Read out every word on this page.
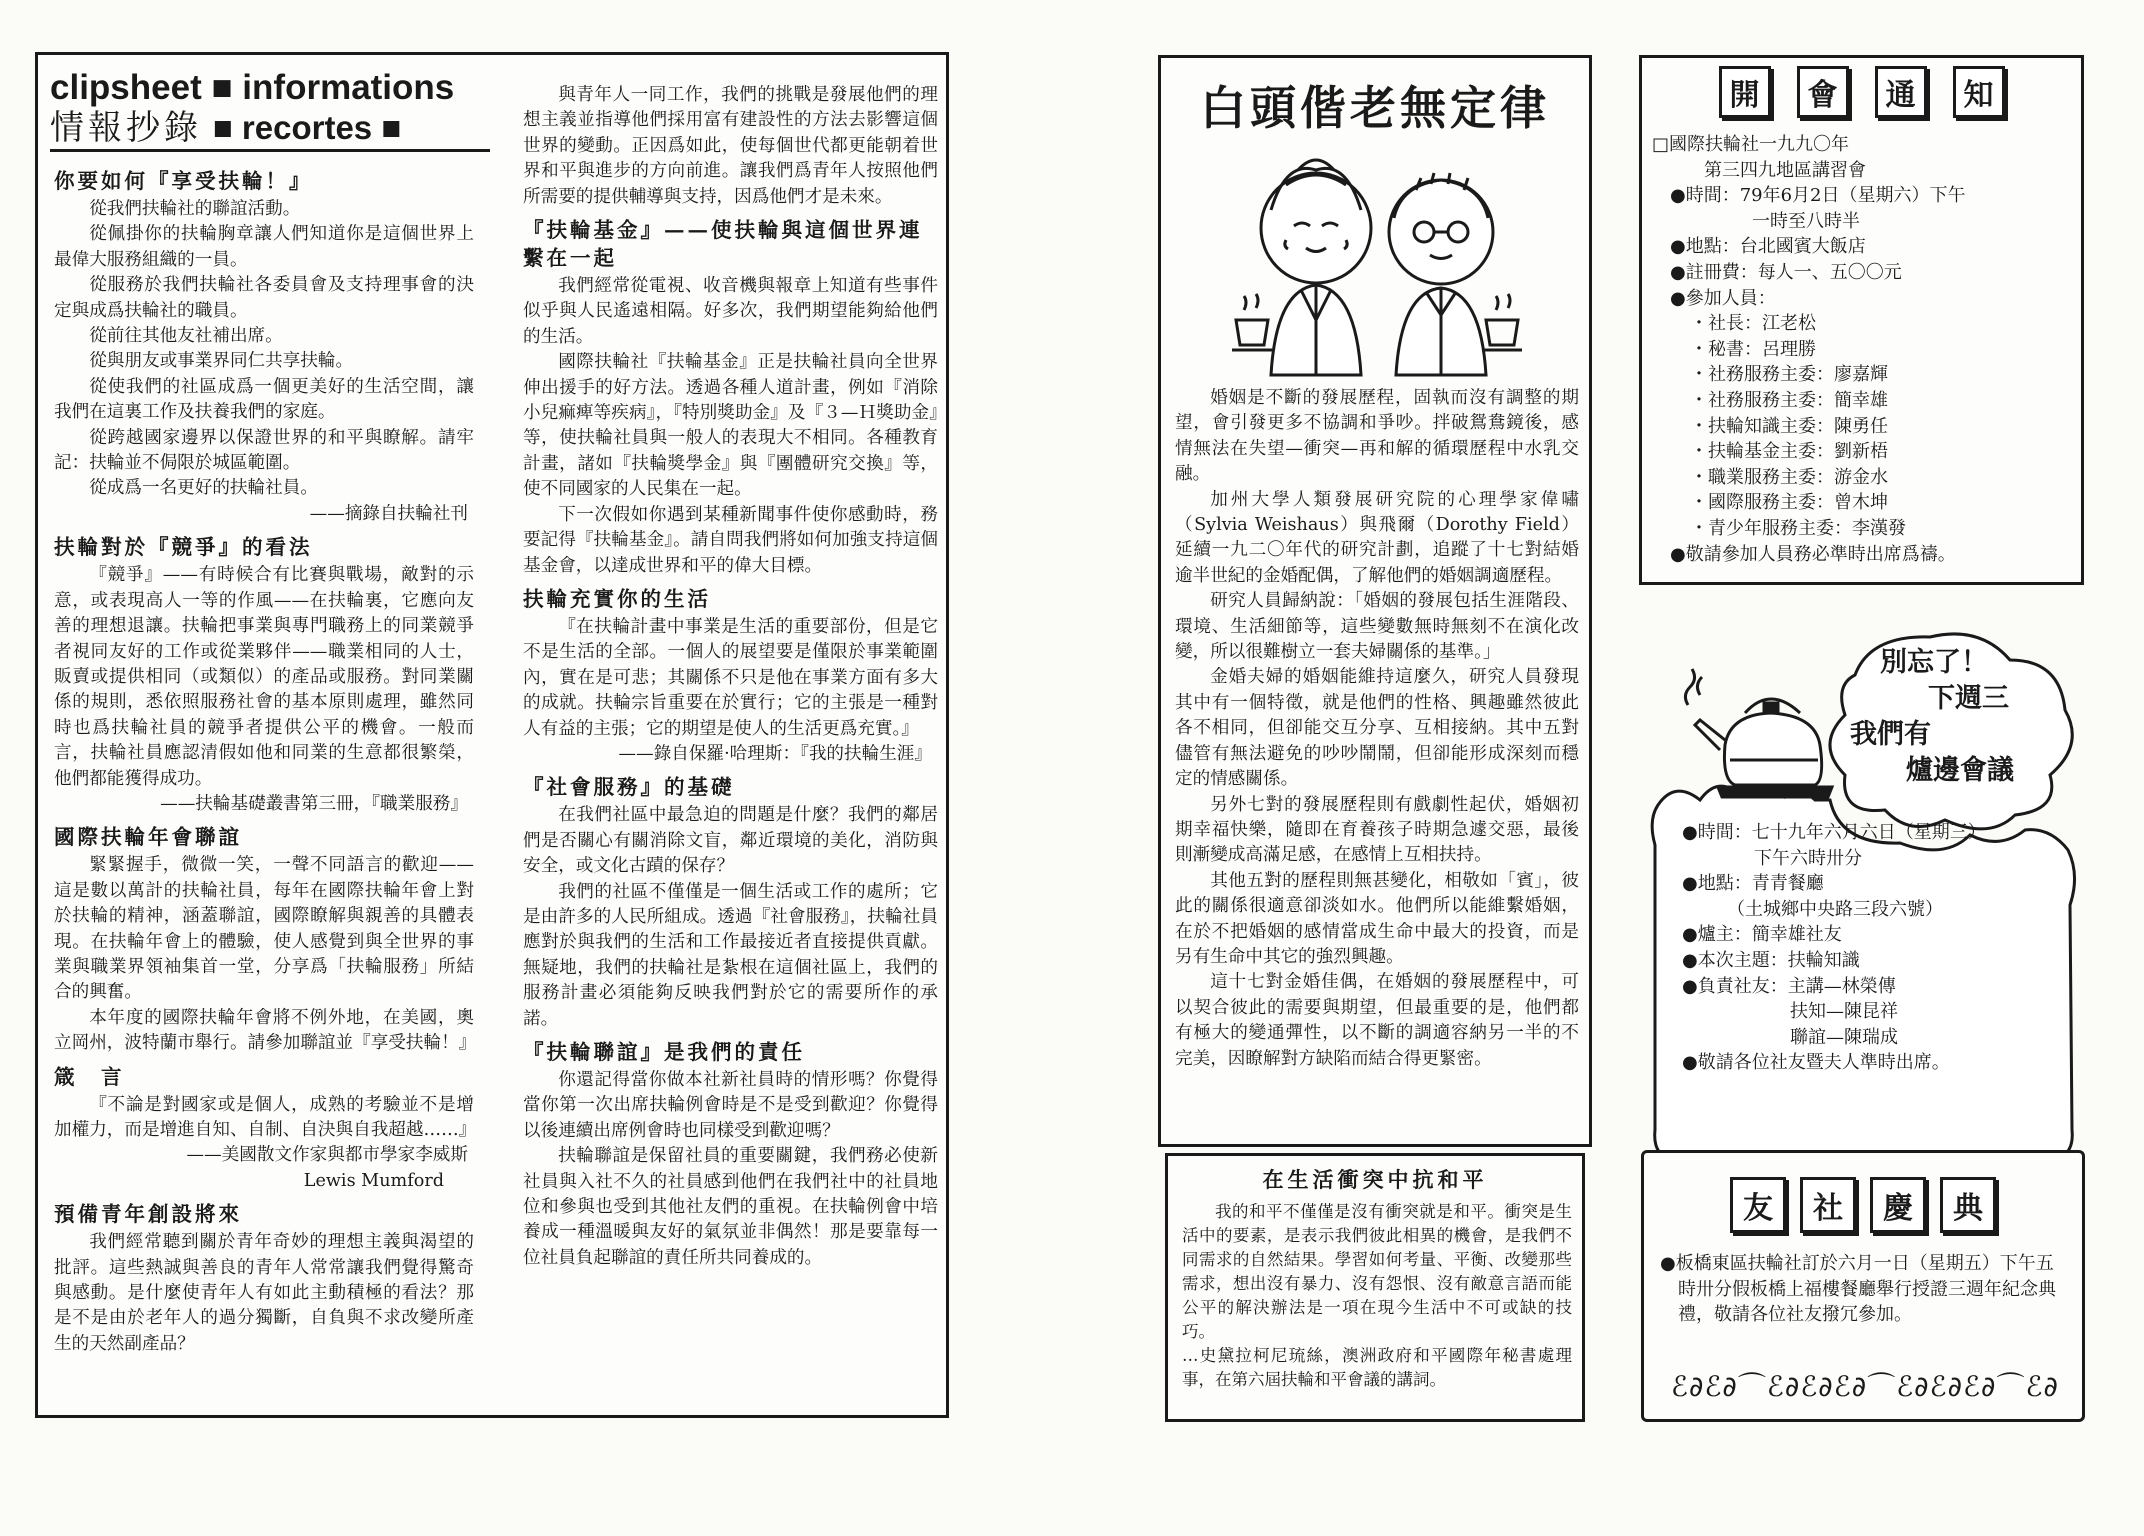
clipsheet ■ informations
情報抄錄 ■ recortes ■
你要如何『享受扶輪！』

從我們扶輪社的聯誼活動。

從佩掛你的扶輪胸章讓人們知道你是這個世界上最偉大服務組織的一員。

從服務於我們扶輪社各委員會及支持理事會的決定與成爲扶輪社的職員。

從前往其他友社補出席。

從與朋友或事業界同仁共享扶輪。

從使我們的社區成爲一個更美好的生活空間，讓我們在這裏工作及扶養我們的家庭。

從跨越國家邊界以保證世界的和平與瞭解。請牢記：扶輪並不侷限於城區範圍。

從成爲一名更好的扶輪社員。

——摘錄自扶輪社刊

扶輪對於『競爭』的看法

『競爭』——有時候合有比賽與戰場，敵對的示意，或表現高人一等的作風——在扶輪裏，它應向友善的理想退讓。扶輪把事業與專門職務上的同業競爭者視同友好的工作或從業夥伴——職業相同的人士，販賣或提供相同（或類似）的產品或服務。對同業關係的規則，悉依照服務社會的基本原則處理，雖然同時也爲扶輪社員的競爭者提供公平的機會。一般而言，扶輪社員應認清假如他和同業的生意都很繁榮，他們都能獲得成功。

——扶輪基礎叢書第三冊，『職業服務』

國際扶輪年會聯誼

緊緊握手，微微一笑，一聲不同語言的歡迎——這是數以萬計的扶輪社員，每年在國際扶輪年會上對於扶輪的精神，涵蓋聯誼，國際瞭解與親善的具體表現。在扶輪年會上的體驗，使人感覺到與全世界的事業與職業界領袖集首一堂，分享爲「扶輪服務」所結合的興奮。

本年度的國際扶輪年會將不例外地，在美國，奧立岡州，波特蘭市舉行。請參加聯誼並『享受扶輪！』

箴　言

『不論是對國家或是個人，成熟的考驗並不是增加權力，而是增進自知、自制、自決與自我超越……』

——美國散文作家與都市學家李威斯

Lewis Mumford

預備青年創設將來

我們經常聽到關於青年奇妙的理想主義與渴望的批評。這些熱誠與善良的青年人常常讓我們覺得驚奇與感動。是什麼使青年人有如此主動積極的看法？那是不是由於老年人的過分獨斷，自負與不求改變所產生的天然副產品？

與青年人一同工作，我們的挑戰是發展他們的理想主義並指導他們採用富有建設性的方法去影響這個世界的變動。正因爲如此，使每個世代都更能朝着世界和平與進步的方向前進。讓我們爲青年人按照他們所需要的提供輔導與支持，因爲他們才是未來。

『扶輪基金』——使扶輪與這個世界連繫在一起

我們經常從電視、收音機與報章上知道有些事件似乎與人民遙遠相隔。好多次，我們期望能夠給他們的生活。

國際扶輪社『扶輪基金』正是扶輪社員向全世界伸出援手的好方法。透過各種人道計畫，例如『消除小兒痲痺等疾病』，『特別獎助金』及『３—Ｈ獎助金』等，使扶輪社員與一般人的表現大不相同。各種教育計畫，諸如『扶輪獎學金』與『團體研究交換』等，使不同國家的人民集在一起。

下一次假如你遇到某種新聞事件使你感動時，務要記得『扶輪基金』。請自問我們將如何加強支持這個基金會，以達成世界和平的偉大目標。

扶輪充實你的生活

『在扶輪計畫中事業是生活的重要部份，但是它不是生活的全部。一個人的展望要是僅限於事業範圍內，實在是可悲；其關係不只是他在事業方面有多大的成就。扶輪宗旨重要在於實行；它的主張是一種對人有益的主張；它的期望是使人的生活更爲充實。』

——錄自保羅·哈理斯：『我的扶輪生涯』

『社會服務』的基礎

在我們社區中最急迫的問題是什麼？我們的鄰居們是否關心有關消除文盲，鄰近環境的美化，消防與安全，或文化古蹟的保存？

我們的社區不僅僅是一個生活或工作的處所；它是由許多的人民所組成。透過『社會服務』，扶輪社員應對於與我們的生活和工作最接近者直接提供貢獻。無疑地，我們的扶輪社是紮根在這個社區上，我們的服務計畫必須能夠反映我們對於它的需要所作的承諾。

『扶輪聯誼』是我們的責任

你還記得當你做本社新社員時的情形嗎？你覺得當你第一次出席扶輪例會時是不是受到歡迎？你覺得以後連續出席例會時也同樣受到歡迎嗎？

扶輪聯誼是保留社員的重要關鍵，我們務必使新社員與入社不久的社員感到他們在我們社中的社員地位和參與也受到其他社友們的重視。在扶輪例會中培養成一種溫暖與友好的氣氛並非偶然！那是要靠每一位社員負起聯誼的責任所共同養成的。

白頭偕老無定律

婚姻是不斷的發展歷程，固執而沒有調整的期望，會引發更多不協調和爭吵。拌破鴛鴦鏡後，感情無法在失望—衝突—再和解的循環歷程中水乳交融。

加州大學人類發展研究院的心理學家偉嘯（Sylvia Weishaus）與飛爾（Dorothy Field）延續一九二〇年代的研究計劃，追蹤了十七對結婚逾半世紀的金婚配偶，了解他們的婚姻調適歷程。

研究人員歸納說：「婚姻的發展包括生涯階段、環境、生活細節等，這些變數無時無刻不在演化改變，所以很難樹立一套夫婦關係的基準。」

金婚夫婦的婚姻能維持這麼久，研究人員發現其中有一個特徵，就是他們的性格、興趣雖然彼此各不相同，但卻能交互分享、互相接納。其中五對儘管有無法避免的吵吵鬧鬧，但卻能形成深刻而穩定的情感關係。

另外七對的發展歷程則有戲劇性起伏，婚姻初期幸福快樂，隨即在育養孩子時期急遽交惡，最後則漸變成高滿足感，在感情上互相扶持。

其他五對的歷程則無甚變化，相敬如「賓」，彼此的關係很適意卻淡如水。他們所以能維繫婚姻，在於不把婚姻的感情當成生命中最大的投資，而是另有生命中其它的強烈興趣。

這十七對金婚佳偶，在婚姻的發展歷程中，可以契合彼此的需要與期望，但最重要的是，他們都有極大的變通彈性，以不斷的調適容納另一半的不完美，因瞭解對方缺陷而結合得更緊密。

在生活衝突中抗和平

我的和平不僅僅是沒有衝突就是和平。衝突是生活中的要素，是表示我們彼此相異的機會，是我們不同需求的自然結果。學習如何考量、平衡、改變那些需求，想出沒有暴力、沒有怨恨、沒有敵意言語而能公平的解決辦法是一項在現今生活中不可或缺的技巧。

…史黛拉柯尼琉絲，澳洲政府和平國際年秘書處理事，在第六屆扶輪和平會議的講詞。

開	會	通	知

□國際扶輪社一九九〇年

第三四九地區講習會

●時間：79年6月2日（星期六）下午

一時至八時半

●地點：台北國賓大飯店

●註冊費：每人一、五〇〇元

●參加人員：

・社長：江老松

・秘書：呂理勝

・社務服務主委：廖嘉輝

・社務服務主委：簡幸雄

・扶輪知識主委：陳勇任

・扶輪基金主委：劉新梧

・職業服務主委：游金水

・國際服務主委：曾木坤

・青少年服務主委：李漢發

●敬請參加人員務必準時出席爲禱。

別忘了！
下週三
我們有
爐邊會議

●時間：七十九年六月六日（星期三）

　　　　下午六時卅分

●地點：青青餐廳

　　　（土城鄉中央路三段六號）

●爐主：簡幸雄社友

●本次主題：扶輪知識

●負責社友：主講—林榮傳

　　　　　　扶知—陳昆祥

　　　　　　聯誼—陳瑞成

●敬請各位社友暨夫人準時出席。

友	社	慶	典

●板橋東區扶輪社訂於六月一日（星期五）下午五時卅分假板橋上福樓餐廳舉行授證三週年紀念典禮，敬請各位社友撥冗參加。

ℰ∂ℰ∂⌒ℰ∂ℰ∂ℰ∂⌒ℰ∂ℰ∂ℰ∂⌒ℰ∂
